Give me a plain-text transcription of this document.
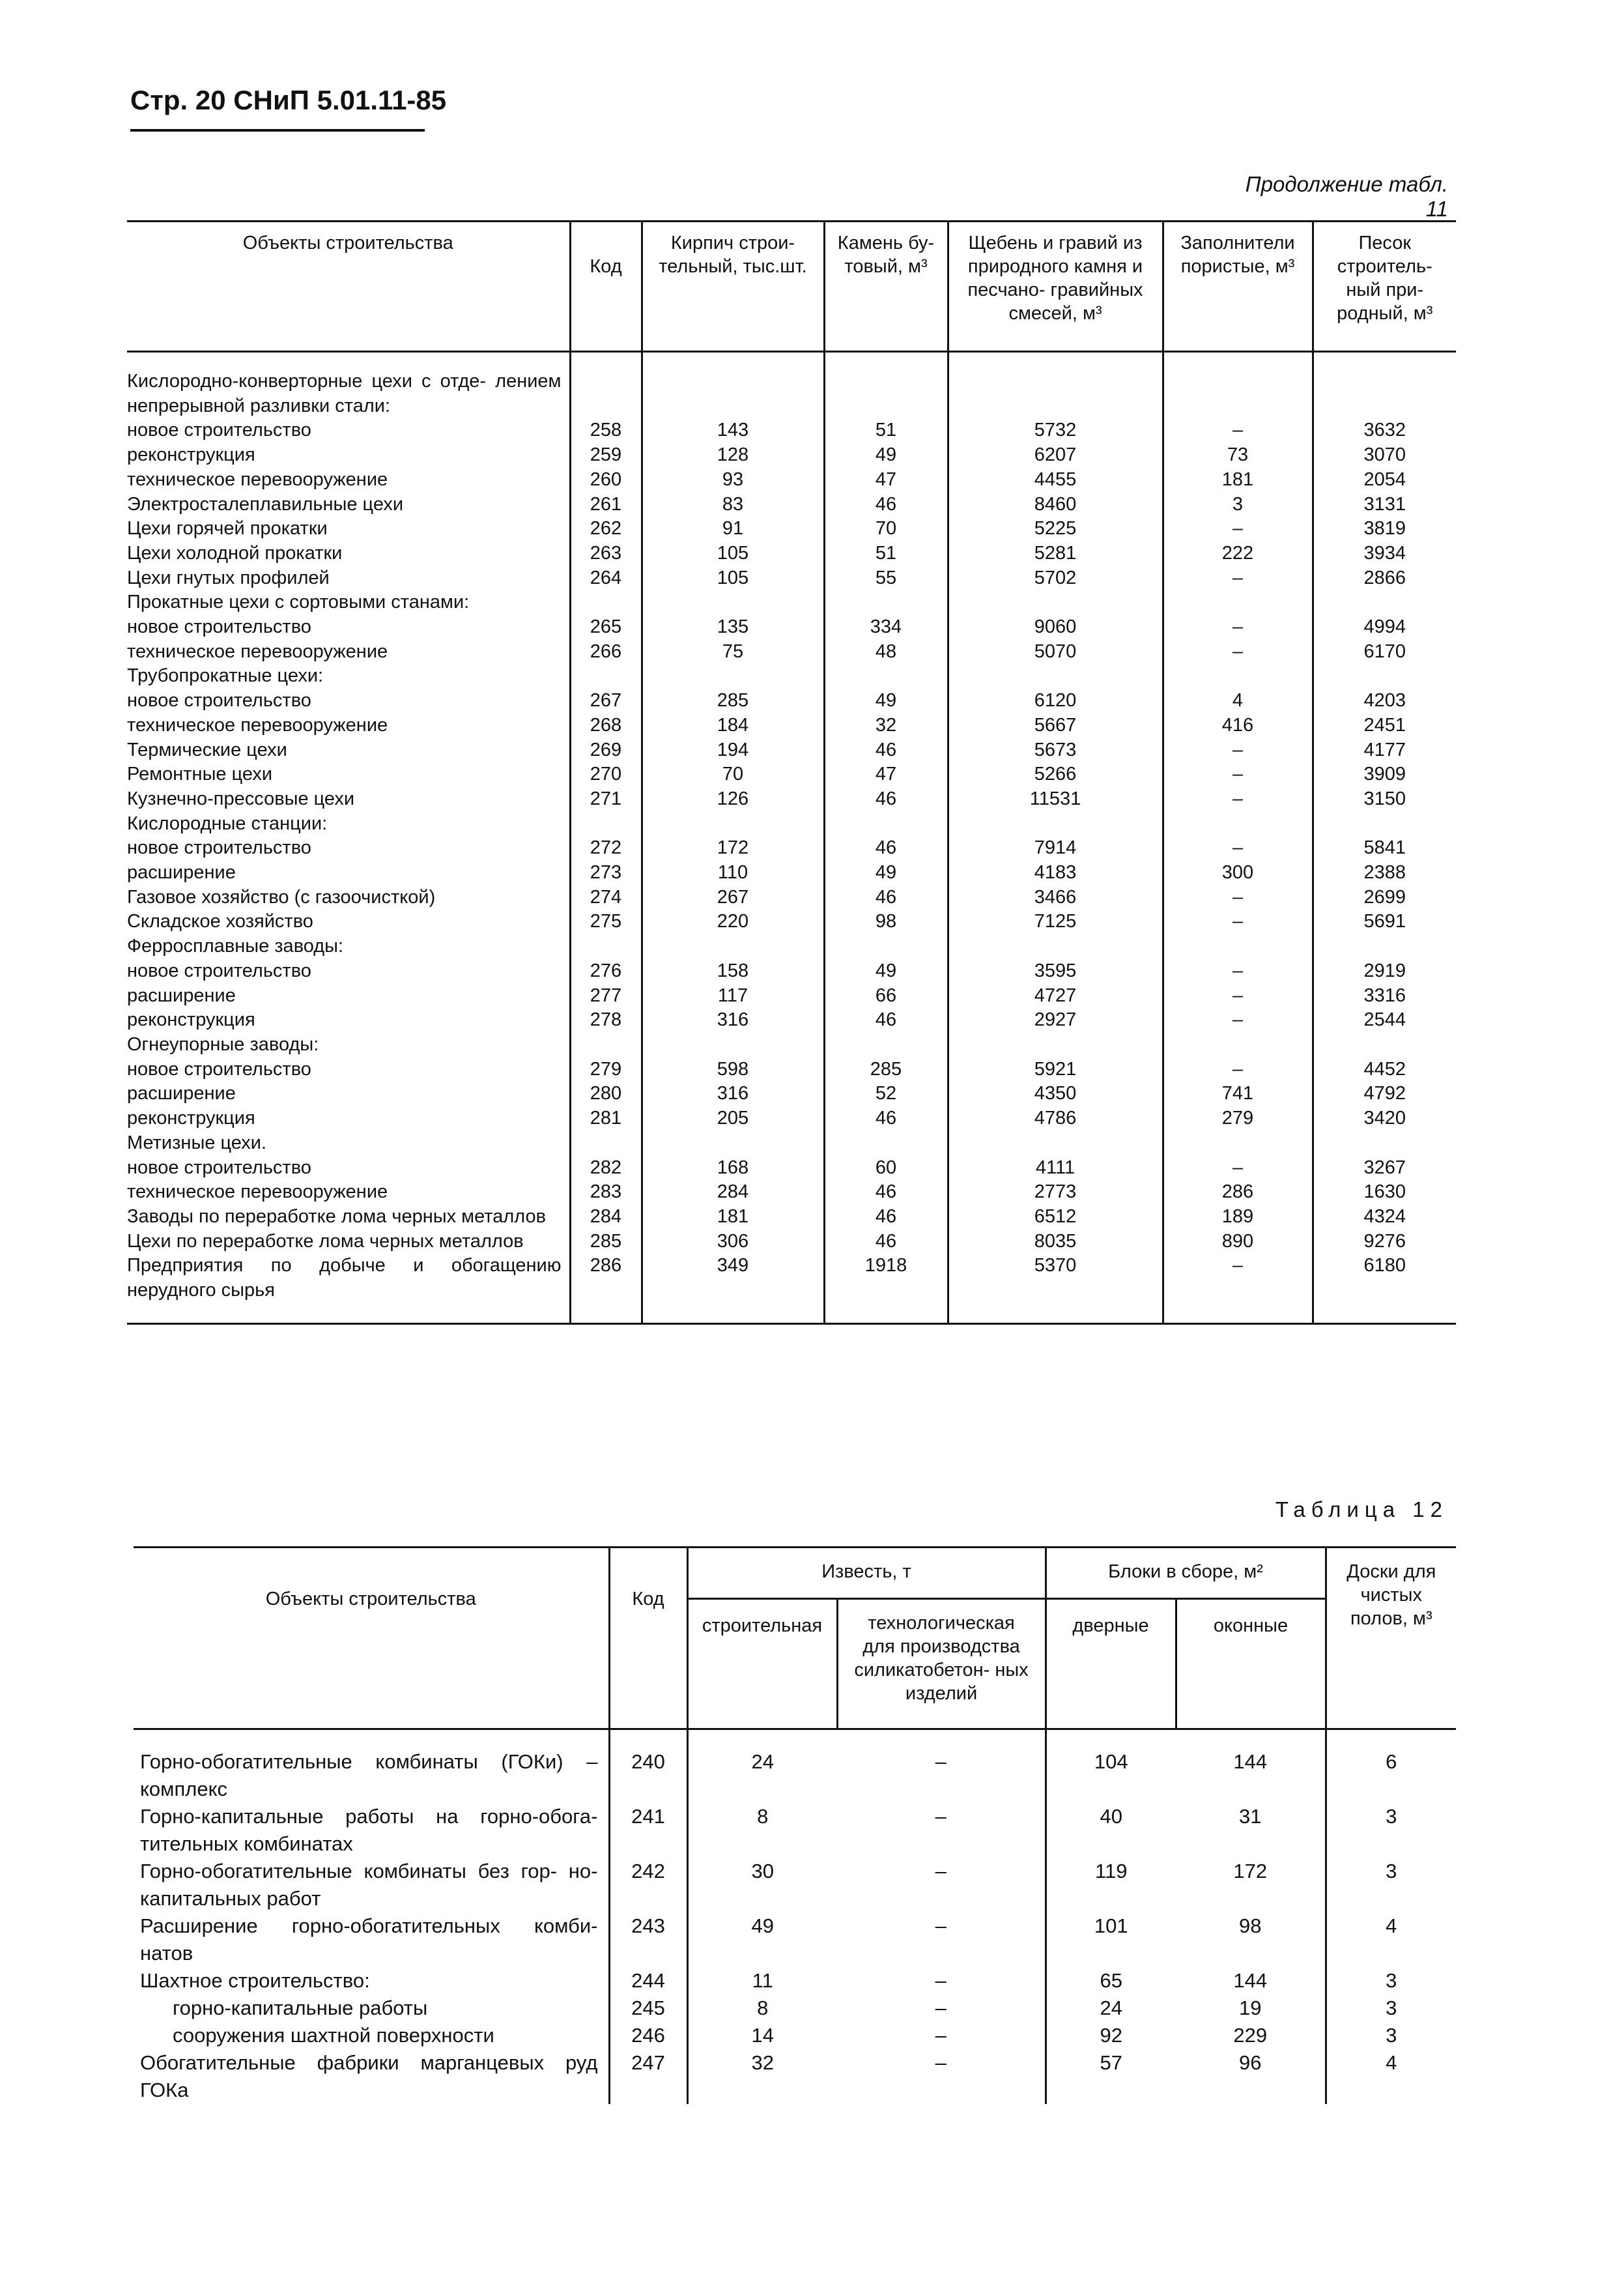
Стр. 20 СНиП 5.01.11-85
Продолжение табл. 11
Объекты строительства	Код	Кирпич строи- тельный, тыс.шт.	Камень бу- товый, м³	Щебень и гравий из природного камня и песчано- гравийных смесей, м³	Заполнители пористые, м³	Песок строитель- ный при- родный, м³
Кислородно-конверторные цехи с отде- лением непрерывной разливки стали:						
новое строительство	258	143	51	5732	–	3632
реконструкция	259	128	49	6207	73	3070
техническое перевооружение	260	93	47	4455	181	2054
Электросталеплавильные цехи	261	83	46	8460	3	3131
Цехи горячей прокатки	262	91	70	5225	–	3819
Цехи холодной прокатки	263	105	51	5281	222	3934
Цехи гнутых профилей	264	105	55	5702	–	2866
Прокатные цехи с сортовыми станами:						
новое строительство	265	135	334	9060	–	4994
техническое перевооружение	266	75	48	5070	–	6170
Трубопрокатные цехи:						
новое строительство	267	285	49	6120	4	4203
техническое перевооружение	268	184	32	5667	416	2451
Термические цехи	269	194	46	5673	–	4177
Ремонтные цехи	270	70	47	5266	–	3909
Кузнечно-прессовые цехи	271	126	46	11531	–	3150
Кислородные станции:						
новое строительство	272	172	46	7914	–	5841
расширение	273	110	49	4183	300	2388
Газовое хозяйство (с газоочисткой)	274	267	46	3466	–	2699
Складское хозяйство	275	220	98	7125	–	5691
Ферросплавные заводы:						
новое строительство	276	158	49	3595	–	2919
расширение	277	117	66	4727	–	3316
реконструкция	278	316	46	2927	–	2544
Огнеупорные заводы:						
новое строительство	279	598	285	5921	–	4452
расширение	280	316	52	4350	741	4792
реконструкция	281	205	46	4786	279	3420
Метизные цехи.						
новое строительство	282	168	60	4111	–	3267
техническое перевооружение	283	284	46	2773	286	1630
Заводы по переработке лома черных металлов	284	181	46	6512	189	4324
Цехи по переработке лома черных металлов	285	306	46	8035	890	9276
Предприятия по добыче и обогащению нерудного сырья	286	349	1918	5370	–	6180

Таблица 12
Объекты строительства	Код	Известь, т		Блоки в сборе, м²		Доски для чистых полов, м³
		строительная	технологическая для производства силикатобетон- ных изделий	дверные	оконные	
Горно-обогатительные комбинаты (ГОКи) – комплекс	240	24	–	104	144	6
Горно-капитальные работы на горно-обога- тительных комбинатах	241	8	–	40	31	3
Горно-обогатительные комбинаты без гор- но-капитальных работ	242	30	–	119	172	3
Расширение горно-обогатительных комби- натов	243	49	–	101	98	4
Шахтное строительство:	244	11	–	65	144	3
горно-капитальные работы	245	8	–	24	19	3
сооружения шахтной поверхности	246	14	–	92	229	3
Обогатительные фабрики марганцевых руд ГОКа	247	32	–	57	96	4
